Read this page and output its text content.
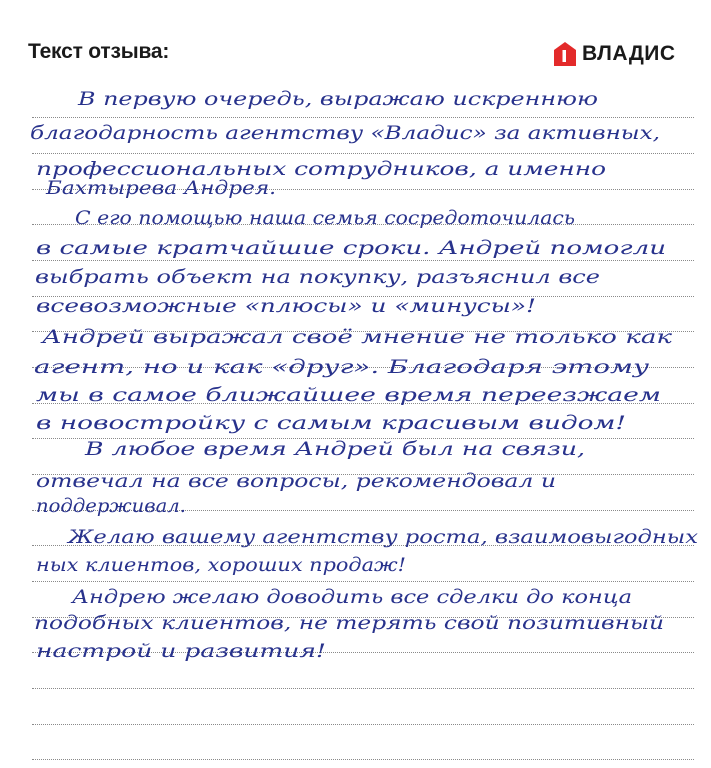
Текст отзыва:	ВЛАДИС
В первую очередь, выражаю искреннюю
благодарность агентству «Владис» за активных,
профессиональных сотрудников, а именно
Бахтырева Андрея.
С его помощью наша семья сосредоточилась
в самые кратчайшие сроки. Андрей помогли
выбрать объект на покупку, разъяснил все
всевозможные «плюсы» и «минусы»!
Андрей выражал своё мнение не только как
агент, но и как «друг». Благодаря этому
мы в самое ближайшее время переезжаем
в новостройку с самым красивым видом!
В любое время Андрей был на связи,
отвечал на все вопросы, рекомендовал и
поддерживал.
Желаю вашему агентству роста, взаимовыгодных
ных клиентов, хороших продаж!
Андрею желаю доводить все сделки до конца
подобных клиентов, не терять свой позитивный
настрой и развития!
